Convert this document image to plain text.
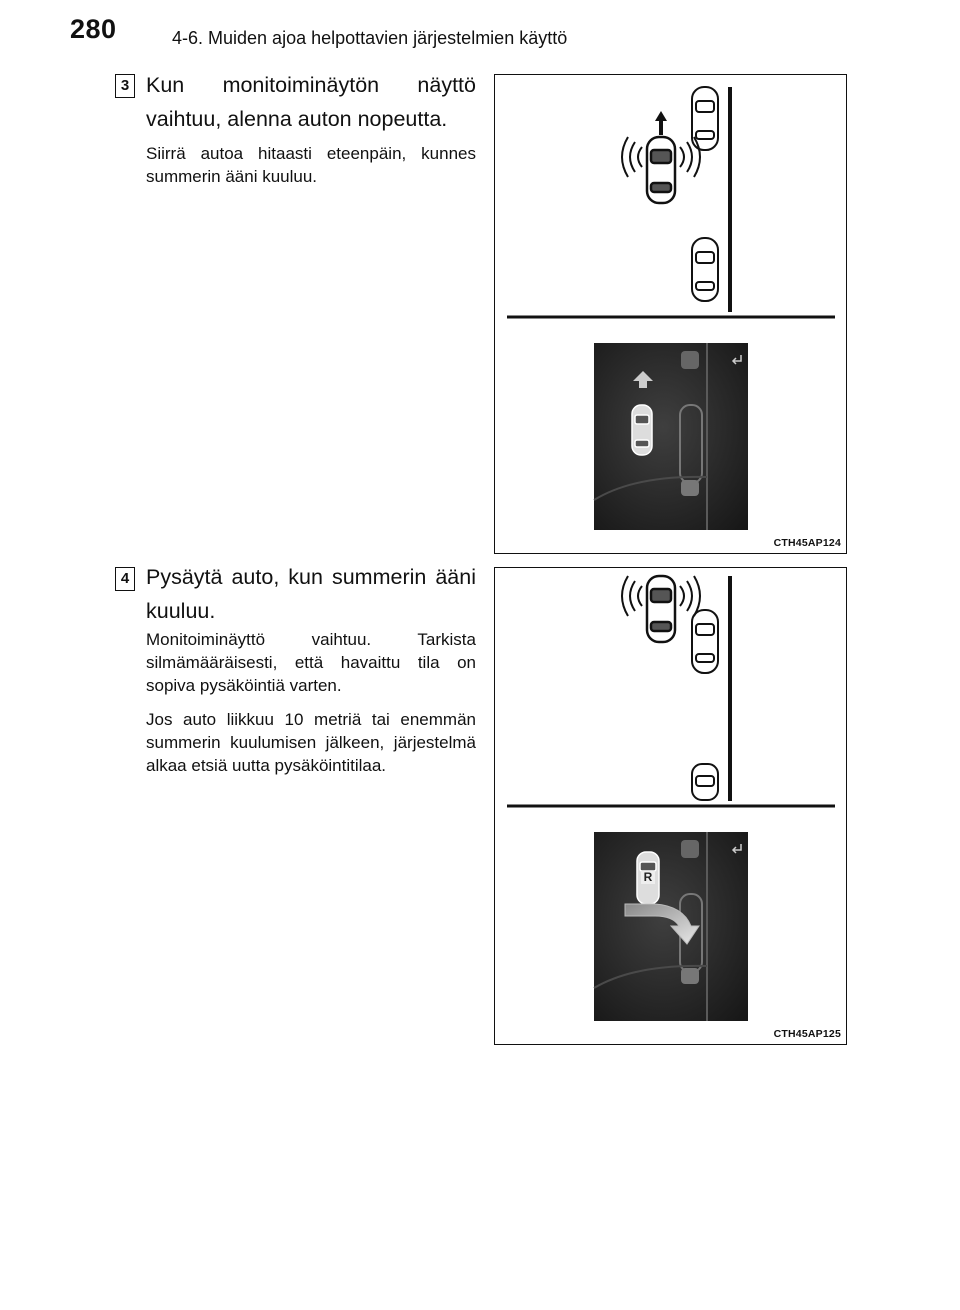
280	4-6. Muiden ajoa helpottavien järjestelmien käyttö
3 Kun monitoiminäytön näyttö vaihtuu, alenna auton nopeutta.

Siirrä autoa hitaasti eteenpäin, kunnes summerin ääni kuuluu.

CTH45AP124
4 Pysäytä auto, kun summerin ääni kuuluu.

Monitoiminäyttö vaihtuu. Tarkista silmämääräisesti, että havaittu tila on sopiva pysäköintiä varten.

Jos auto liikkuu 10 metriä tai enemmän summerin kuulumisen jälkeen, järjestelmä alkaa etsiä uutta pysäköintitilaa.

R
CTH45AP125
